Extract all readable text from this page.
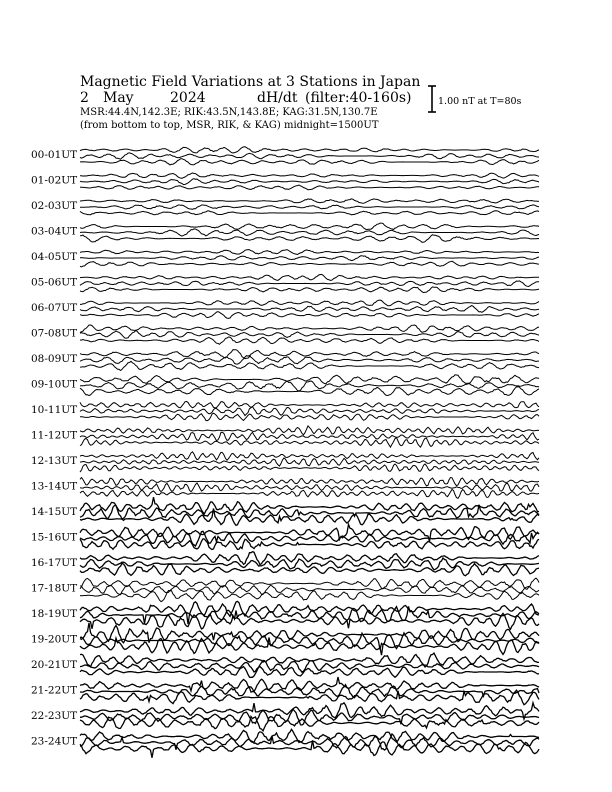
Magnetic Field Variations at 3 Stations in Japan
2 May	2024	dH/dt (filter:40-160s)
MSR:44.4N,142.3E; RIK:43.5N,143.8E; KAG:31.5N,130.7E
(from bottom to top, MSR, RIK, & KAG) midnight=1500UT
1.00 nT at T=80s
00-01UT
01-02UT
02-03UT
03-04UT
04-05UT
05-06UT
06-07UT
07-08UT
08-09UT
09-10UT
10-11UT
11-12UT
12-13UT
13-14UT
14-15UT
15-16UT
16-17UT
17-18UT
18-19UT
19-20UT
20-21UT
21-22UT
22-23UT
23-24UT
